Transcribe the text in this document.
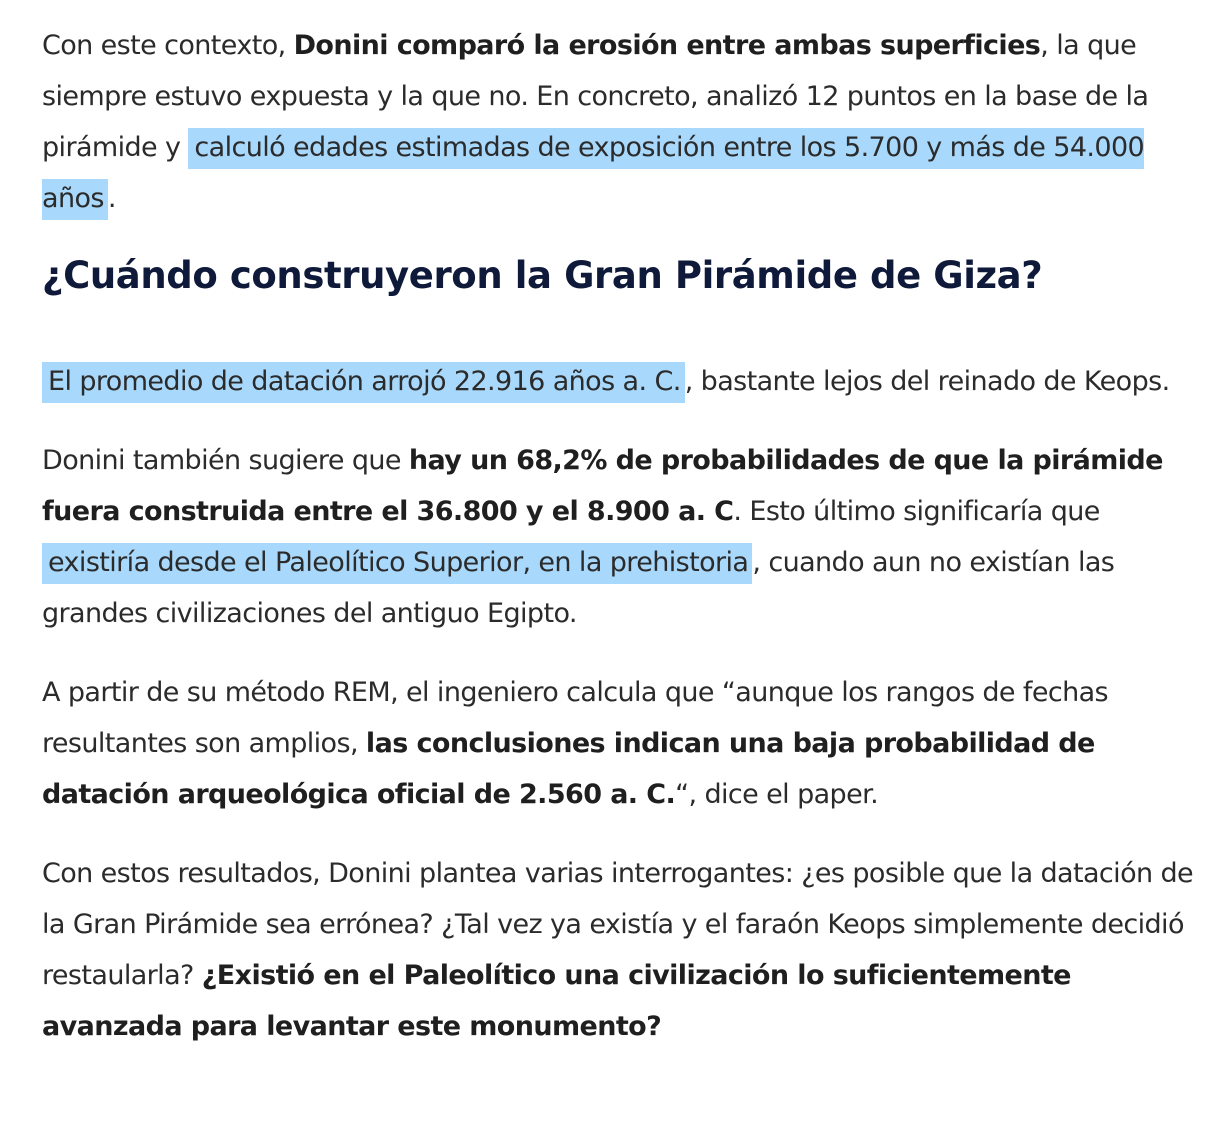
Con este contexto, Donini comparó la erosión entre ambas superficies, la que siempre estuvo expuesta y la que no. En concreto, analizó 12 puntos en la base de la pirámide y calculó edades estimadas de exposición entre los 5.700 y más de 54.000 años .

¿Cuándo construyeron la Gran Pirámide de Giza?

El promedio de datación arrojó 22.916 años a. C. , bastante lejos del reinado de Keops.

Donini también sugiere que hay un 68,2% de probabilidades de que la pirámide fuera construida entre el 36.800 y el 8.900 a. C. Esto último significaría que existiría desde el Paleolítico Superior, en la prehistoria , cuando aun no existían las grandes civilizaciones del antiguo Egipto.

A partir de su método REM, el ingeniero calcula que “aunque los rangos de fechas resultantes son amplios, las conclusiones indican una baja probabilidad de datación arqueológica oficial de 2.560 a. C.“, dice el paper.

Con estos resultados, Donini plantea varias interrogantes: ¿es posible que la datación de la Gran Pirámide sea errónea? ¿Tal vez ya existía y el faraón Keops simplemente decidió restaularla? ¿Existió en el Paleolítico una civilización lo suficientemente avanzada para levantar este monumento?
